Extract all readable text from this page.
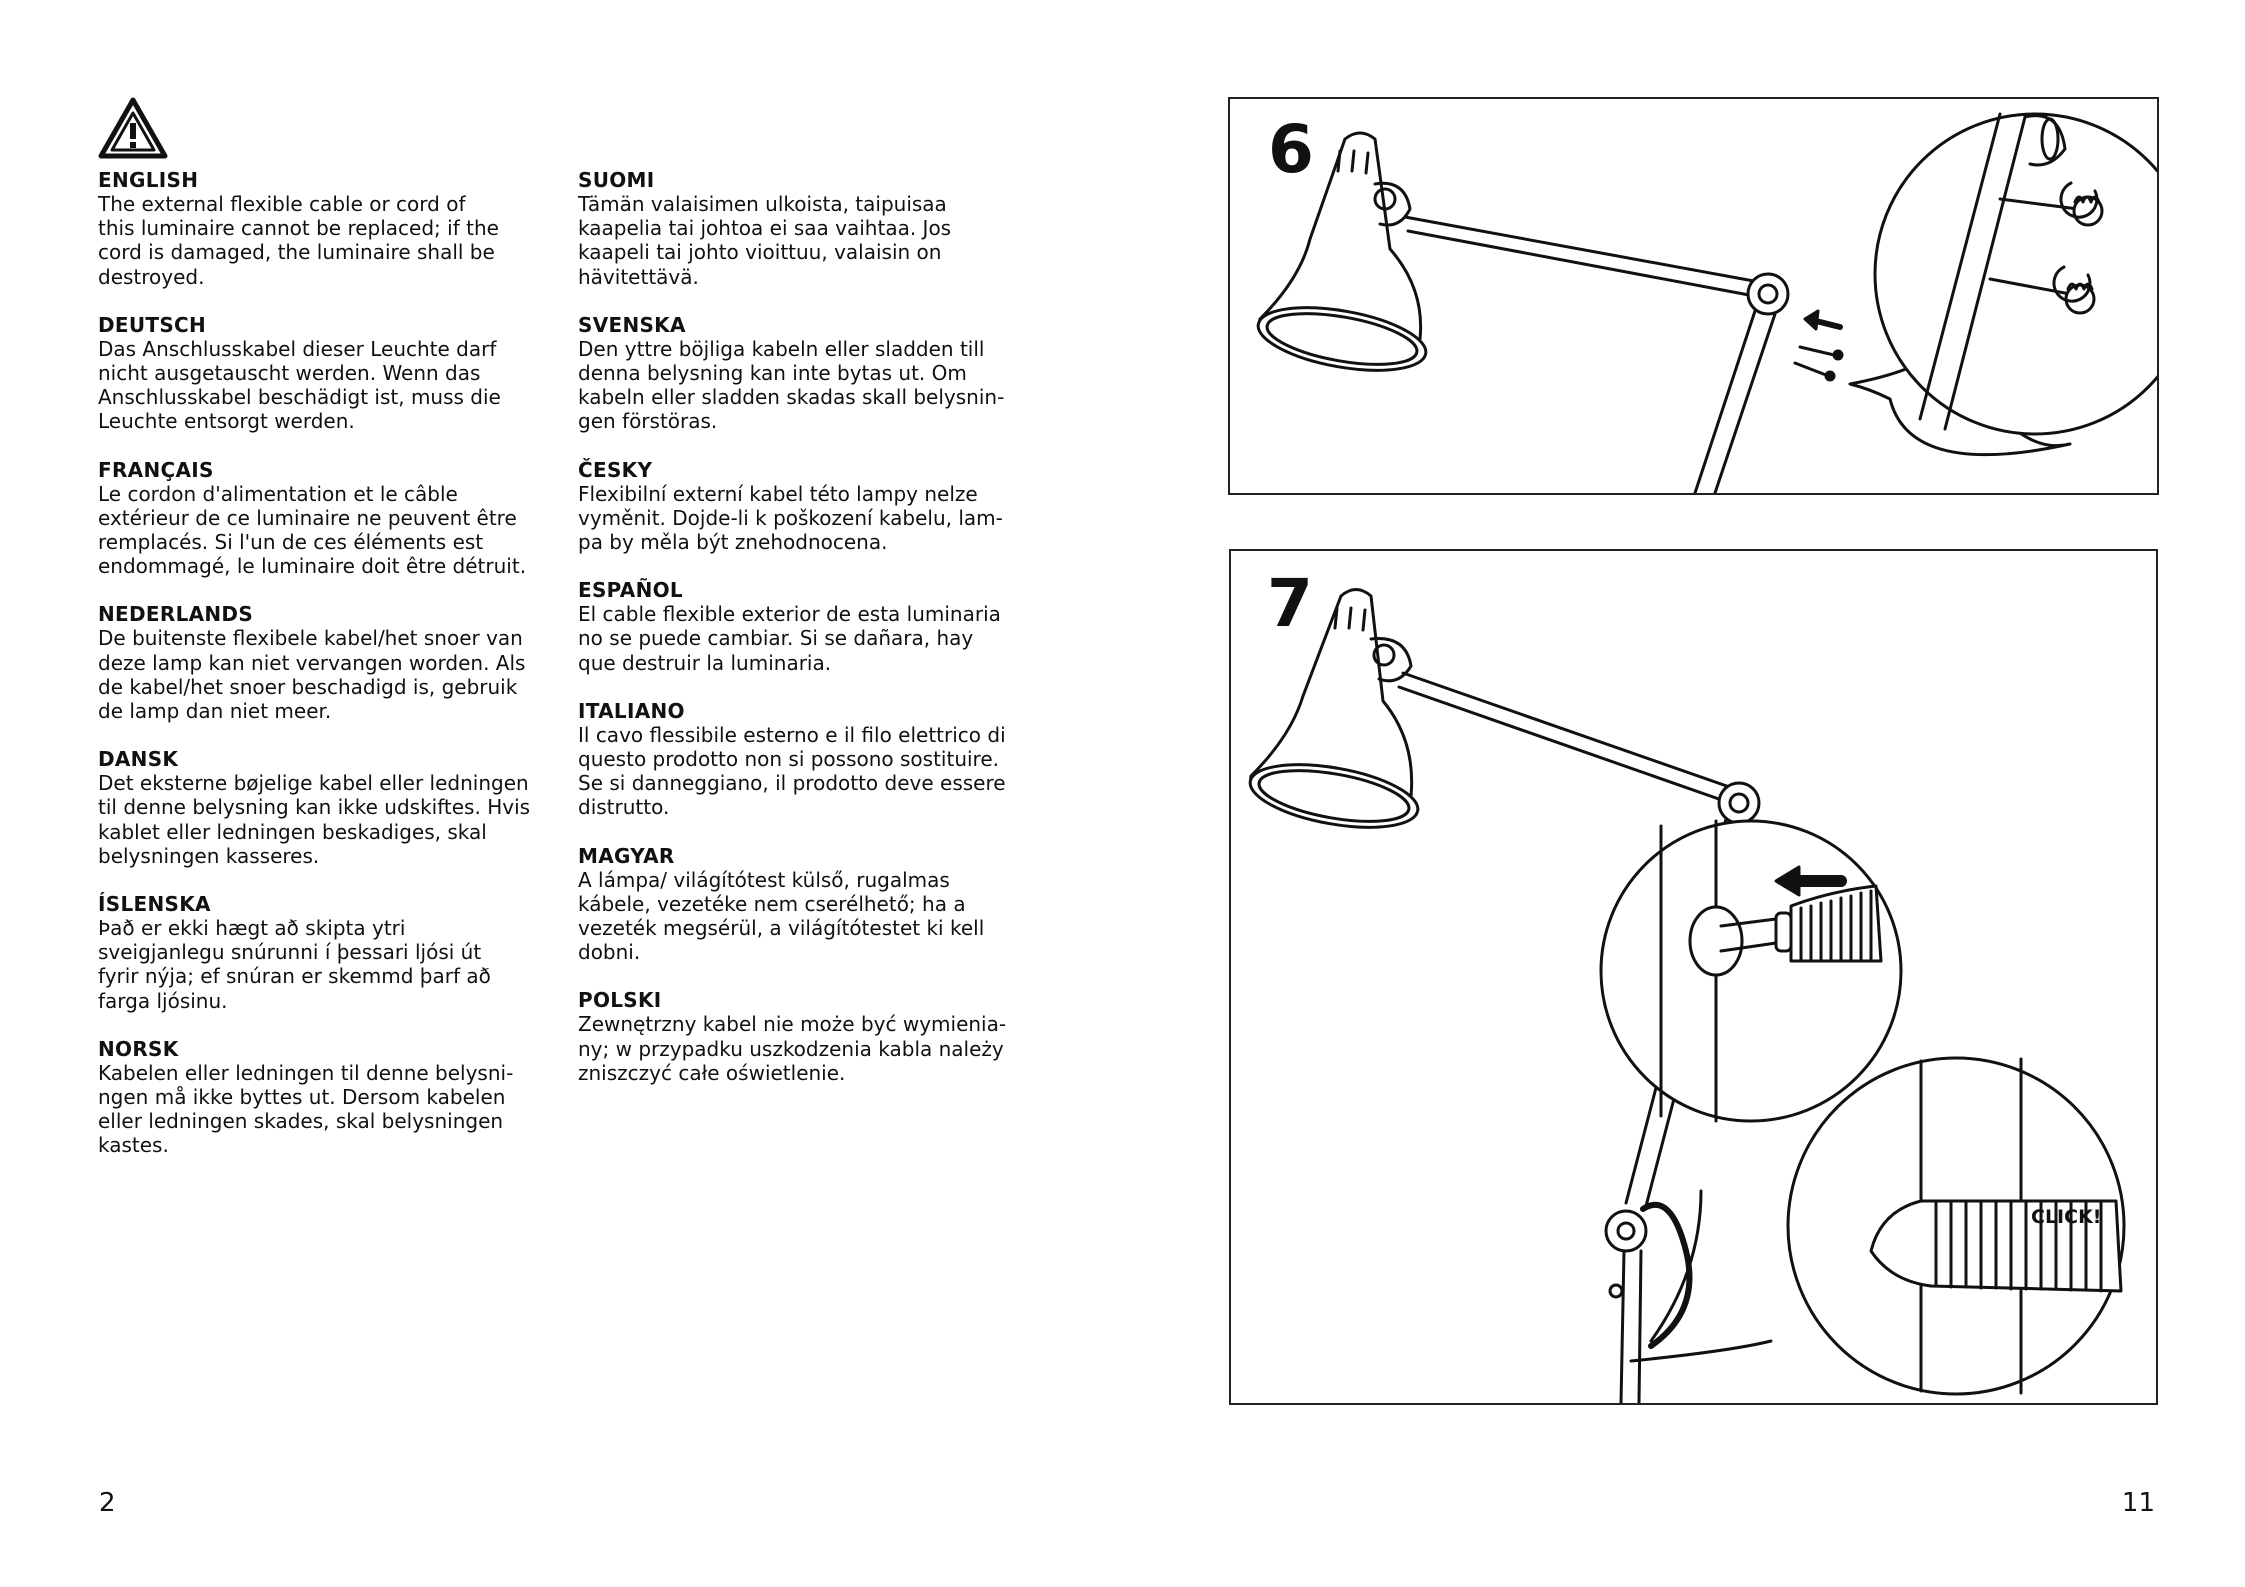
ENGLISH

The external flexible cable or cord of
this luminaire cannot be replaced; if the
cord is damaged, the luminaire shall be
destroyed.

DEUTSCH

Das Anschlusskabel dieser Leuchte darf
nicht ausgetauscht werden. Wenn das
Anschlusskabel beschädigt ist, muss die
Leuchte entsorgt werden.

FRANÇAIS

Le cordon d'alimentation et le câble
extérieur de ce luminaire ne peuvent être
remplacés. Si l'un de ces éléments est
endommagé, le luminaire doit être détruit.

NEDERLANDS

De buitenste flexibele kabel/het snoer van
deze lamp kan niet vervangen worden. Als
de kabel/het snoer beschadigd is, gebruik
de lamp dan niet meer.

DANSK

Det eksterne bøjelige kabel eller ledningen
til denne belysning kan ikke udskiftes. Hvis
kablet eller ledningen beskadiges, skal
belysningen kasseres.

ÍSLENSKA

Það er ekki hægt að skipta ytri
sveigjanlegu snúrunni í þessari ljósi út
fyrir nýja; ef snúran er skemmd þarf að
farga ljósinu.

NORSK

Kabelen eller ledningen til denne belysni-
ngen må ikke byttes ut. Dersom kabelen
eller ledningen skades, skal belysningen
kastes.

SUOMI

Tämän valaisimen ulkoista, taipuisaa
kaapelia tai johtoa ei saa vaihtaa. Jos
kaapeli tai johto vioittuu, valaisin on
hävitettävä.

SVENSKA

Den yttre böjliga kabeln eller sladden till
denna belysning kan inte bytas ut. Om
kabeln eller sladden skadas skall belysnin-
gen förstöras.

ČESKY

Flexibilní externí kabel této lampy nelze
vyměnit. Dojde-li k poškození kabelu, lam-
pa by měla být znehodnocena.

ESPAÑOL

El cable flexible exterior de esta luminaria
no se puede cambiar. Si se dañara, hay
que destruir la luminaria.

ITALIANO

Il cavo flessibile esterno e il filo elettrico di
questo prodotto non si possono sostituire.
Se si danneggiano, il prodotto deve essere
distrutto.

MAGYAR

A lámpa/ világítótest külső, rugalmas
kábele, vezetéke nem cserélhető; ha a
vezeték megsérül, a világítótestet ki kell
dobni.

POLSKI

Zewnętrzny kabel nie może być wymienia-
ny; w przypadku uszkodzenia kabla należy
zniszczyć całe oświetlenie.

6
7
CLICK!
2	11
